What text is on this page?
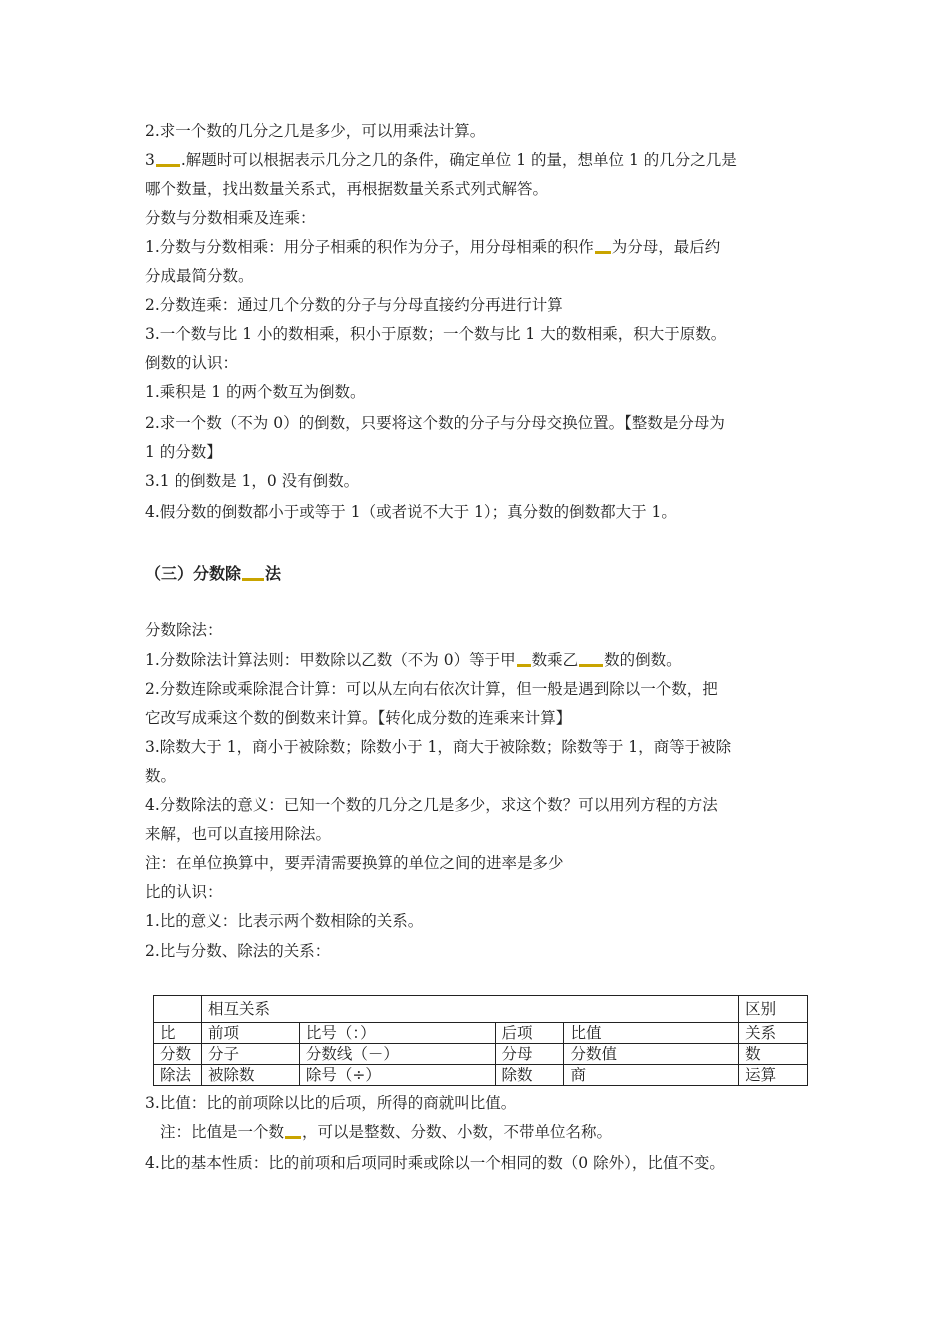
2.求一个数的几分之几是多少，可以用乘法计算。
3 .解题时可以根据表示几分之几的条件，确定单位 1 的量，想单位 1 的几分之几是
哪个数量，找出数量关系式，再根据数量关系式列式解答。
分数与分数相乘及连乘：
1.分数与分数相乘：用分子相乘的积作为分子，用分母相乘的积作 为分母，最后约
分成最简分数。
2.分数连乘：通过几个分数的分子与分母直接约分再进行计算
3.一个数与比 1 小的数相乘，积小于原数；一个数与比 1 大的数相乘，积大于原数。
倒数的认识：
1.乘积是 1 的两个数互为倒数。
2.求一个数（不为 0）的倒数，只要将这个数的分子与分母交换位置。【整数是分母为
1 的分数】
3.1 的倒数是 1，0 没有倒数。
4.假分数的倒数都小于或等于 1（或者说不大于 1）；真分数的倒数都大于 1。
（三）分数除 法
分数除法：
1.分数除法计算法则：甲数除以乙数（不为 0）等于甲 数乘乙 数的倒数。
2.分数连除或乘除混合计算：可以从左向右依次计算，但一般是遇到除以一个数，把
它改写成乘这个数的倒数来计算。【转化成分数的连乘来计算】
3.除数大于 1，商小于被除数；除数小于 1，商大于被除数；除数等于 1，商等于被除
数。
4.分数除法的意义：已知一个数的几分之几是多少，求这个数？可以用列方程的方法
来解，也可以直接用除法。
注：在单位换算中，要弄清需要换算的单位之间的进率是多少
比的认识：
1.比的意义：比表示两个数相除的关系。
2.比与分数、除法的关系：
	相互关系				区别
比	前项	比号（：）	后项	比值	关系
分数	分子	分数线（－）	分母	分数值	数
除法	被除数	除号（÷）	除数	商	运算
3.比值：比的前项除以比的后项，所得的商就叫比值。
注：比值是一个数 ，可以是整数、分数、小数，不带单位名称。
4.比的基本性质：比的前项和后项同时乘或除以一个相同的数（0 除外），比值不变。
